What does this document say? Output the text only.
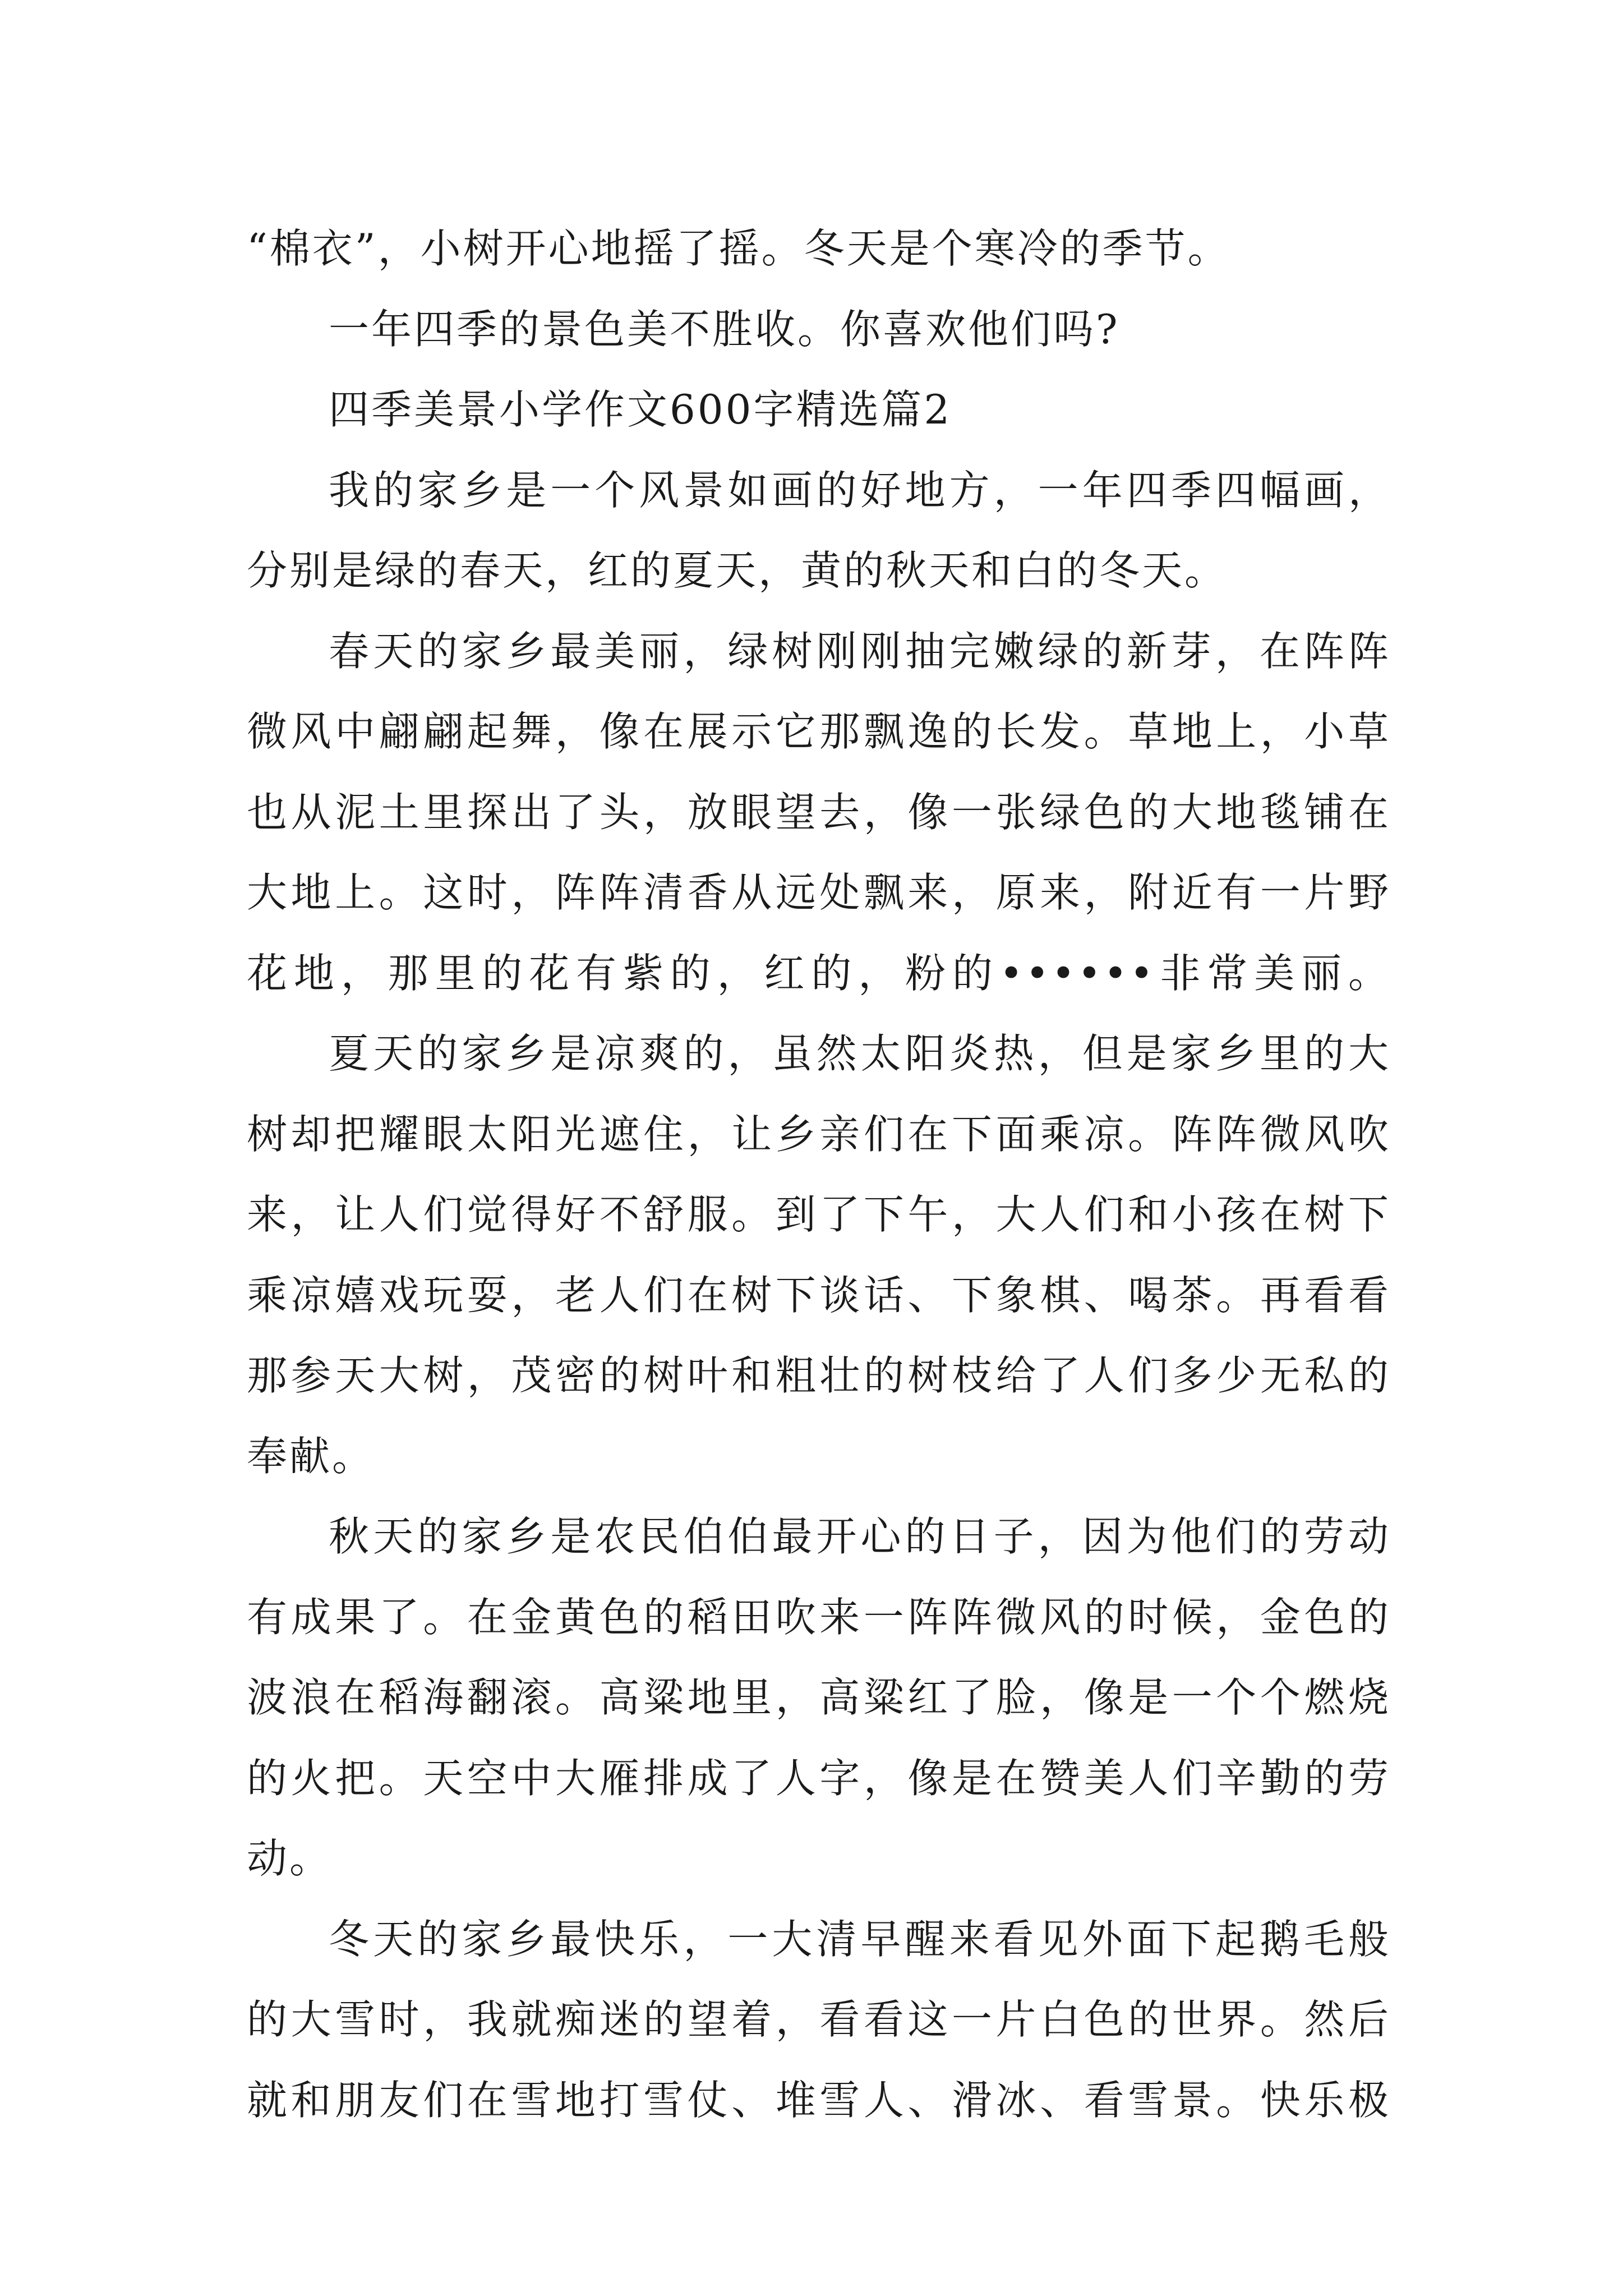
“棉衣”，小树开心地摇了摇。冬天是个寒冷的季节。
一年四季的景色美不胜收。你喜欢他们吗?
四季美景小学作文600字精选篇2
我的家乡是一个风景如画的好地方，一年四季四幅画，
分别是绿的春天，红的夏天，黄的秋天和白的冬天。
春天的家乡最美丽，绿树刚刚抽完嫩绿的新芽，在阵阵
微风中翩翩起舞，像在展示它那飘逸的长发。草地上，小草
也从泥土里探出了头，放眼望去，像一张绿色的大地毯铺在
大地上。这时，阵阵清香从远处飘来，原来，附近有一片野
花地，那里的花有紫的，红的，粉的••••••非常美丽。
夏天的家乡是凉爽的，虽然太阳炎热，但是家乡里的大
树却把耀眼太阳光遮住，让乡亲们在下面乘凉。阵阵微风吹
来，让人们觉得好不舒服。到了下午，大人们和小孩在树下
乘凉嬉戏玩耍，老人们在树下谈话、下象棋、喝茶。再看看
那参天大树，茂密的树叶和粗壮的树枝给了人们多少无私的
奉献。
秋天的家乡是农民伯伯最开心的日子，因为他们的劳动
有成果了。在金黄色的稻田吹来一阵阵微风的时候，金色的
波浪在稻海翻滚。高粱地里，高粱红了脸，像是一个个燃烧
的火把。天空中大雁排成了人字，像是在赞美人们辛勤的劳
动。
冬天的家乡最快乐，一大清早醒来看见外面下起鹅毛般
的大雪时，我就痴迷的望着，看看这一片白色的世界。然后
就和朋友们在雪地打雪仗、堆雪人、滑冰、看雪景。快乐极
